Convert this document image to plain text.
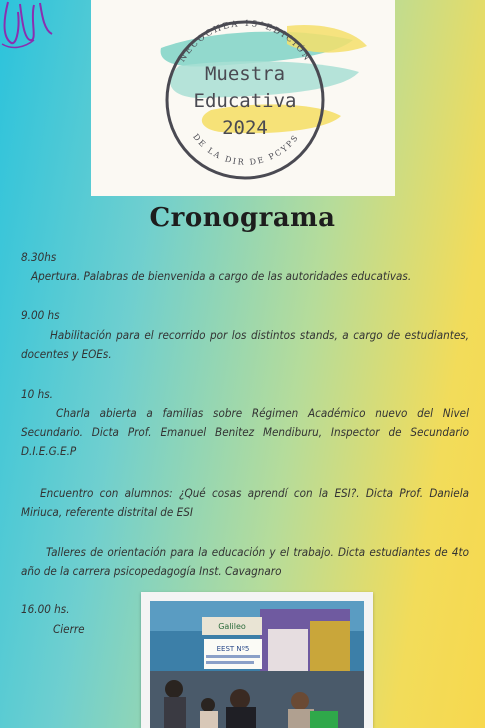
NECOCHEA 15°EDICIÓN
DE LA DIR DE PCYPS
Muestra
Educativa
2024
Cronograma
8.30hs
Apertura. Palabras de bienvenida a cargo de las autoridades educativas.
9.00 hs
Habilitación para el recorrido por los distintos stands, a cargo de estudiantes, docentes y EOEs.
10 hs.
Charla abierta a familias sobre Régimen Académico nuevo del Nivel Secundario. Dicta Prof. Emanuel Benitez Mendiburu, Inspector de Secundario D.I.E.G.E.P
Encuentro con alumnos: ¿Qué cosas aprendí con la ESI?. Dicta Prof. Daniela Miriuca, referente distrital de ESI
Talleres de orientación para la educación y el trabajo. Dicta estudiantes de 4to año de la carrera psicopedagogía Inst. Cavagnaro
16.00 hs.
Cierre	Galileo
EEST Nº5
